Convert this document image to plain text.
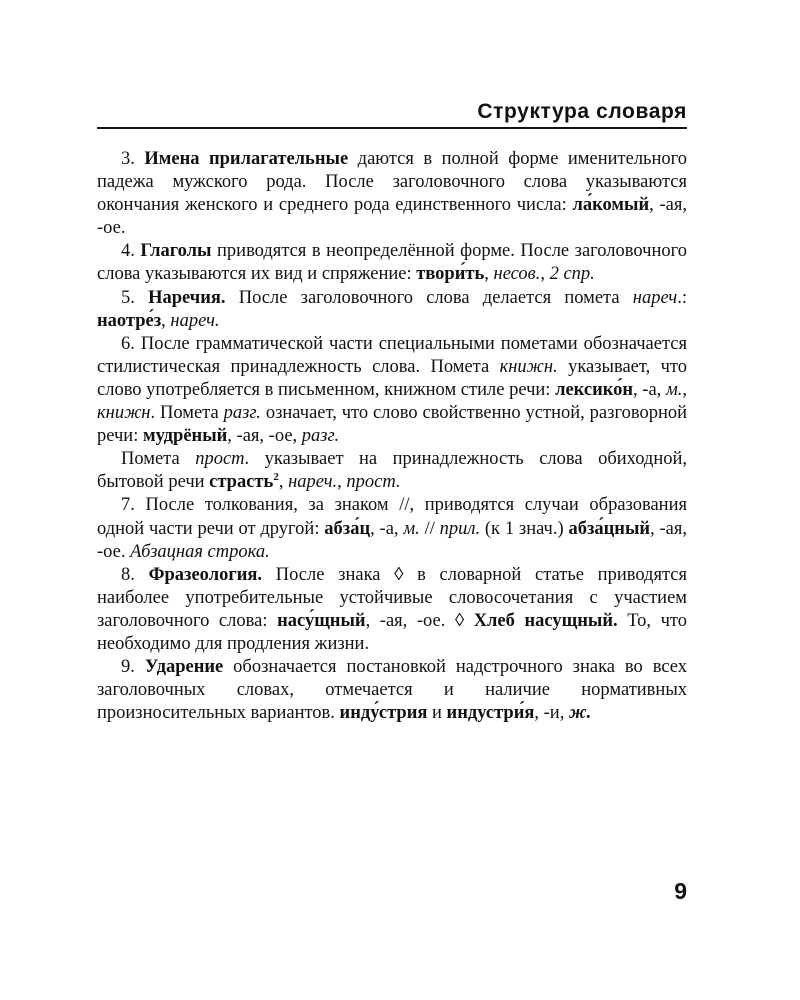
Структура словаря

3. Имена прилагательные даются в полной форме именительного падежа мужского рода. После заголовочного слова указываются окончания женского и среднего рода единственного числа: ла́комый, -ая, -ое.

4. Глаголы приводятся в неопределённой форме. После заголовочного слова указываются их вид и спряжение: твори́ть, несов., 2 спр.

5. Наречия. После заголовочного слова делается помета нареч.: наотре́з, нареч.

6. После грамматической части специальными пометами обозначается стилистическая принадлежность слова. Помета книжн. указывает, что слово употребляется в письменном, книжном стиле речи: лексико́н, -а, м., книжн. Помета разг. означает, что слово свойственно устной, разговорной речи: мудрёный, -ая, -ое, разг.

Помета прост. указывает на принадлежность слова обиходной, бытовой речи страсть$^2$, нареч., прост.

7. После толкования, за знаком //, приводятся случаи образования одной части речи от другой: абза́ц, -а, м. // прил. (к 1 знач.) абза́цный, -ая, -ое. Абзацная строка.

8. Фразеология. После знака ◊ в словарной статье приводятся наиболее употребительные устойчивые словосочетания с участием заголовочного слова: насу́щный, -ая, -ое. ◊ Хлеб насущный. То, что необходимо для продления жизни.

9. Ударение обозначается постановкой надстрочного знака во всех заголовочных словах, отмечается и наличие нормативных произносительных вариантов. инду́стрия и индустри́я, -и, ж.

9
